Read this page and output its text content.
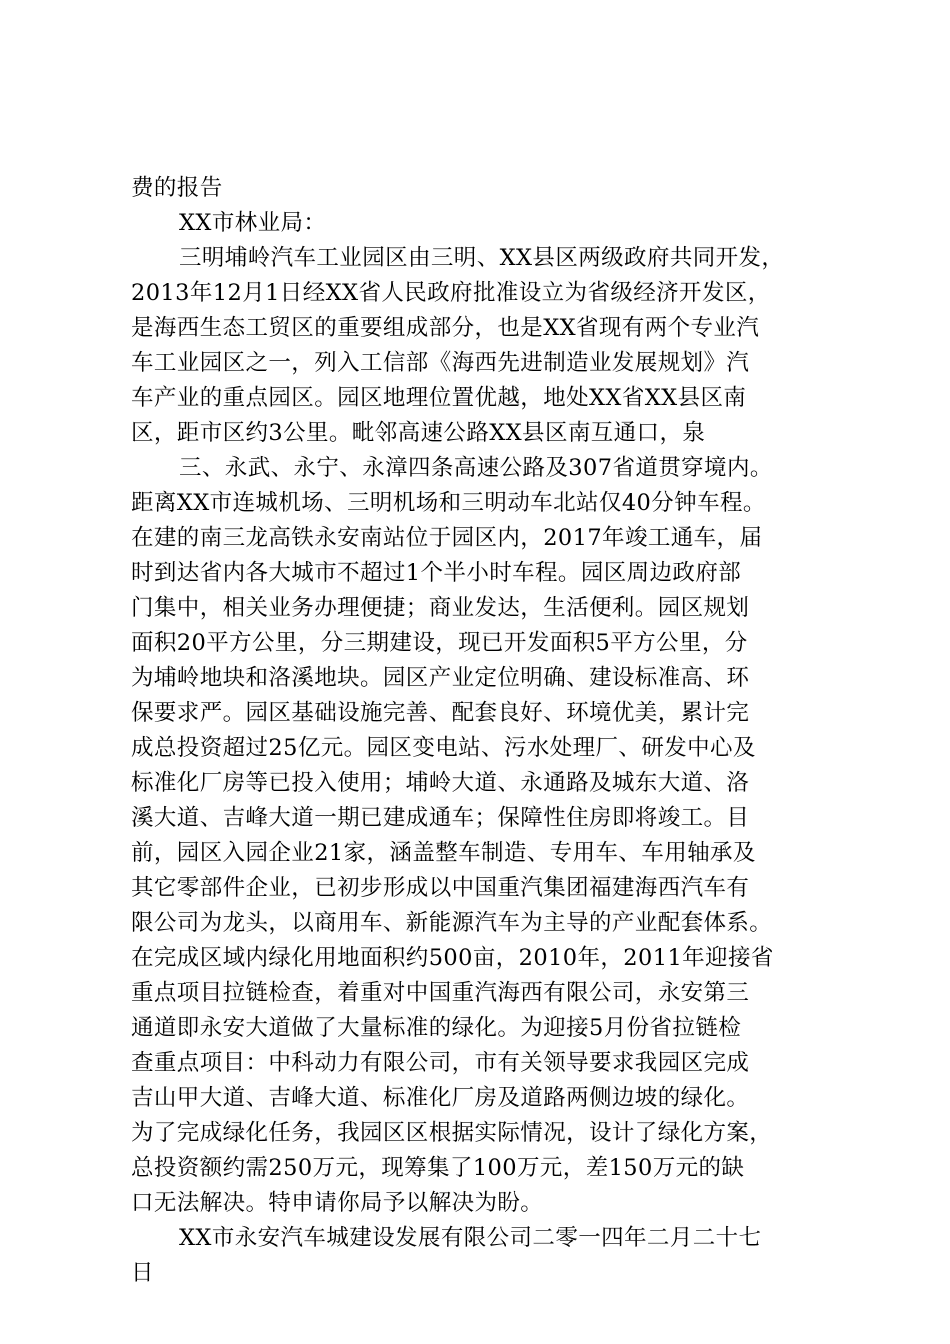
费的报告
XX市林业局：
三明埔岭汽车工业园区由三明、XX县区两级政府共同开发，
2013年12月1日经XX省人民政府批准设立为省级经济开发区，
是海西生态工贸区的重要组成部分，也是XX省现有两个专业汽
车工业园区之一，列入工信部《海西先进制造业发展规划》汽
车产业的重点园区。园区地理位置优越，地处XX省XX县区南
区，距市区约3公里。毗邻高速公路XX县区南互通口，泉
三、永武、永宁、永漳四条高速公路及307省道贯穿境内。
距离XX市连城机场、三明机场和三明动车北站仅40分钟车程。
在建的南三龙高铁永安南站位于园区内，2017年竣工通车，届
时到达省内各大城市不超过1个半小时车程。园区周边政府部
门集中，相关业务办理便捷；商业发达，生活便利。园区规划
面积20平方公里，分三期建设，现已开发面积5平方公里，分
为埔岭地块和洛溪地块。园区产业定位明确、建设标准高、环
保要求严。园区基础设施完善、配套良好、环境优美，累计完
成总投资超过25亿元。园区变电站、污水处理厂、研发中心及
标准化厂房等已投入使用；埔岭大道、永通路及城东大道、洛
溪大道、吉峰大道一期已建成通车；保障性住房即将竣工。目
前，园区入园企业21家，涵盖整车制造、专用车、车用轴承及
其它零部件企业，已初步形成以中国重汽集团福建海西汽车有
限公司为龙头，以商用车、新能源汽车为主导的产业配套体系。
在完成区域内绿化用地面积约500亩，2010年，2011年迎接省
重点项目拉链检查，着重对中国重汽海西有限公司，永安第三
通道即永安大道做了大量标准的绿化。为迎接5月份省拉链检
查重点项目：中科动力有限公司，市有关领导要求我园区完成
吉山甲大道、吉峰大道、标准化厂房及道路两侧边坡的绿化。
为了完成绿化任务，我园区区根据实际情况，设计了绿化方案，
总投资额约需250万元，现筹集了100万元，差150万元的缺
口无法解决。特申请你局予以解决为盼。
XX市永安汽车城建设发展有限公司二零一四年二月二十七
日
